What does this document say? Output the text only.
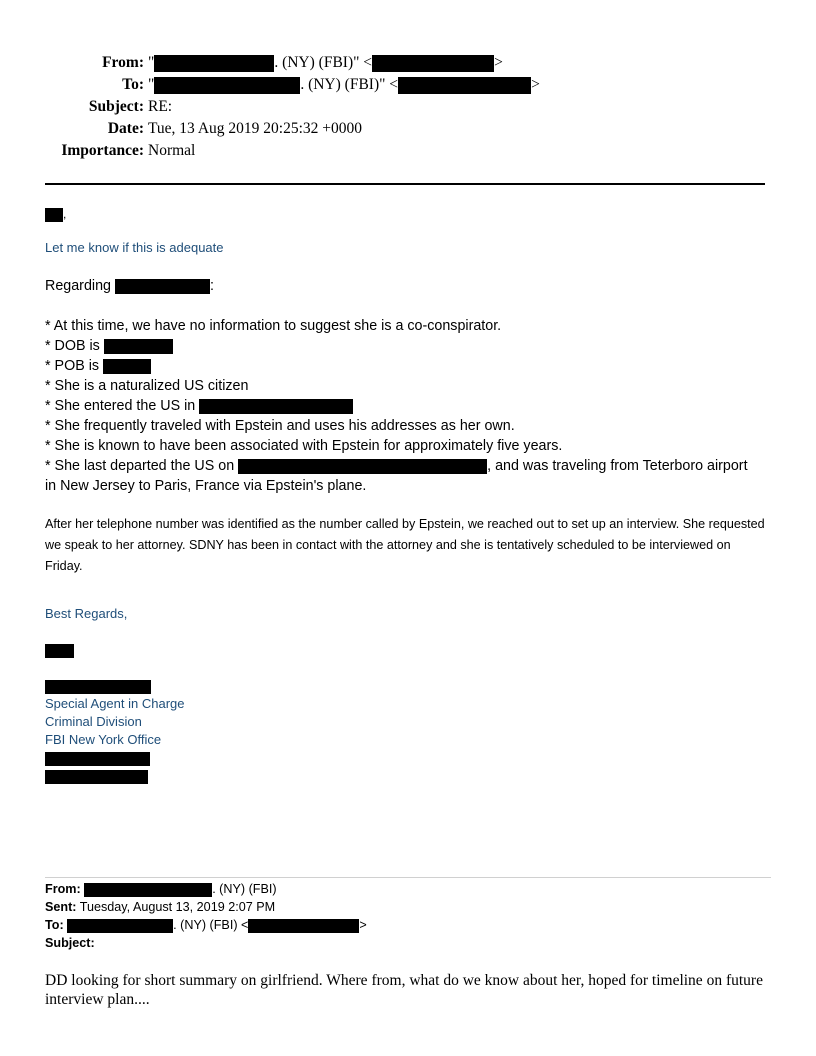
From: "	. (NY) (FBI)" <	>
To: "	. (NY) (FBI)" <	>
Subject: RE:
Date: Tue, 13 Aug 2019 20:25:32 +0000
Importance: Normal
,
Let me know if this is adequate
Regarding	:
* At this time, we have no information to suggest she is a co-conspirator.
* DOB is
* POB is
* She is a naturalized US citizen
* She entered the US in
* She frequently traveled with Epstein and uses his addresses as her own.
* She is known to have been associated with Epstein for approximately five years.
* She last departed the US on	, and was traveling from Teterboro airport
in New Jersey to Paris, France via Epstein's plane.
After her telephone number was identified as the number called by Epstein, we reached out to set up an interview. She requested we speak to her attorney. SDNY has been in contact with the attorney and she is tentatively scheduled to be interviewed on Friday.
Best Regards,
Special Agent in Charge
Criminal Division
FBI New York Office
From:	. (NY) (FBI)
Sent: Tuesday, August 13, 2019 2:07 PM
To:	. (NY) (FBI) <	>
Subject:
DD looking for short summary on girlfriend. Where from, what do we know about her, hoped for timeline on future interview plan....
